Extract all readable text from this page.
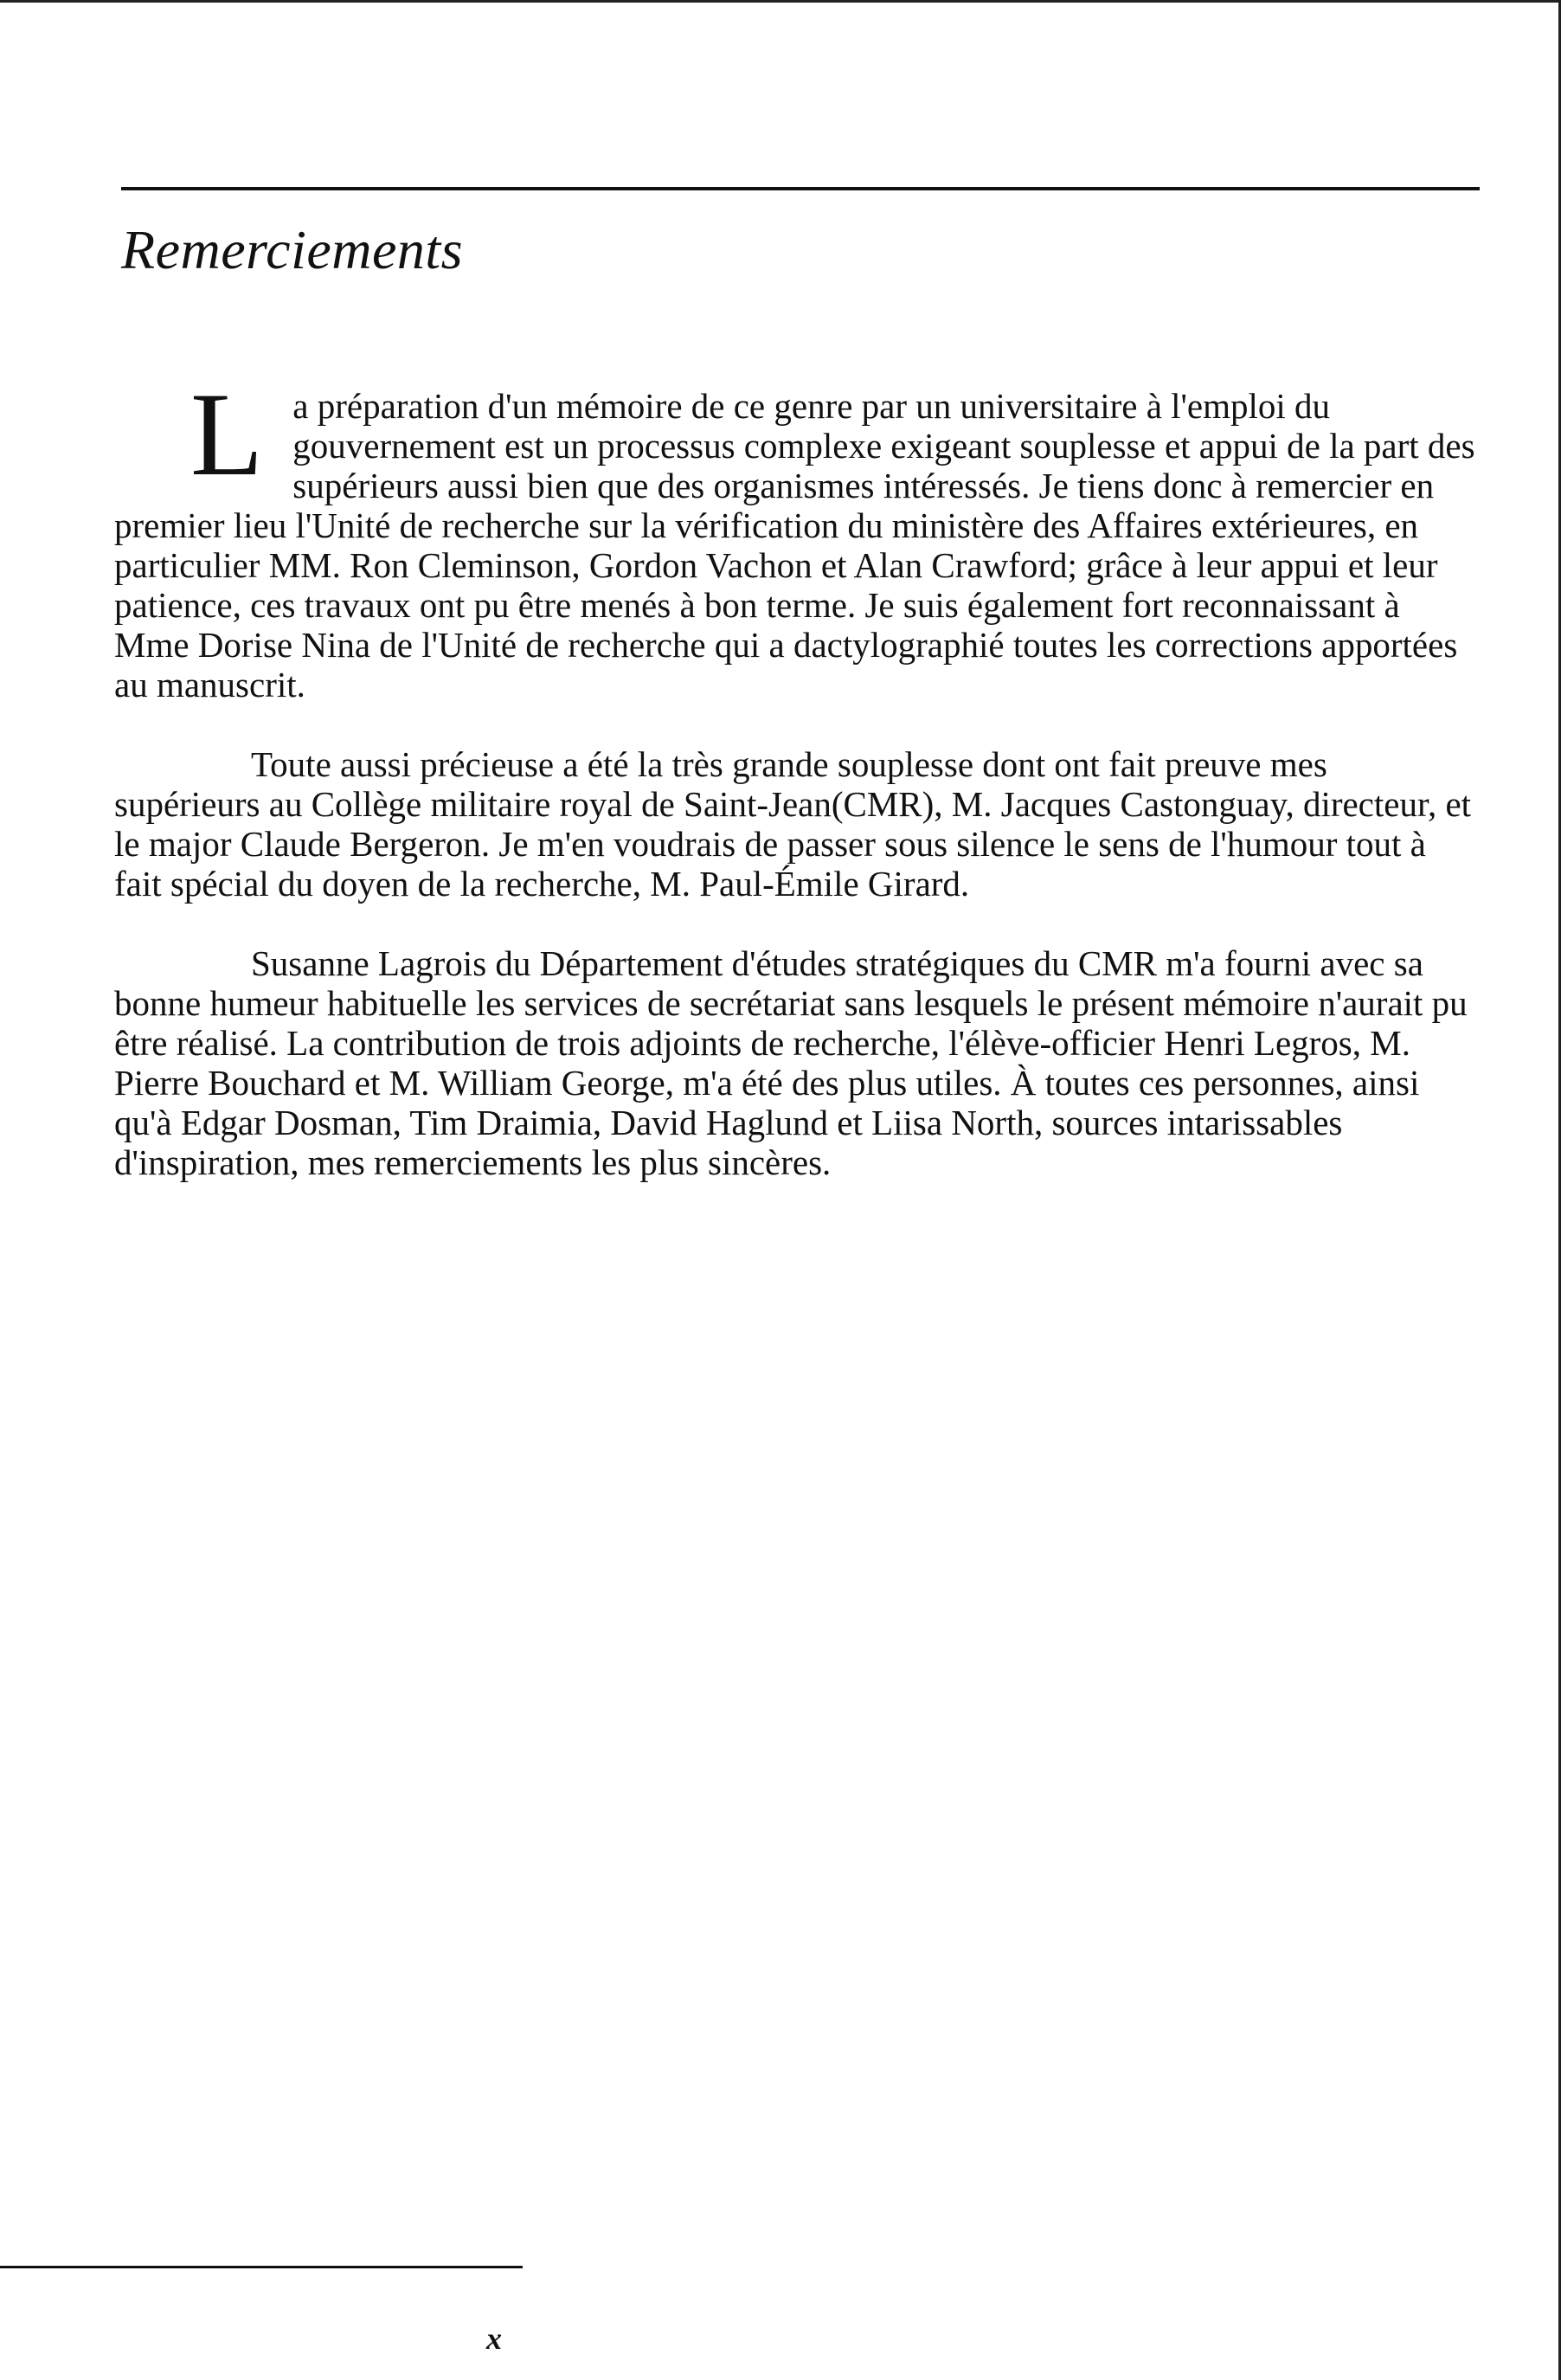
Remerciements

L a préparation d'un mémoire de ce genre par un universitaire à l'emploi du gouvernement est un processus complexe exigeant souplesse et appui de la part des supérieurs aussi bien que des organismes intéressés. Je tiens donc à remercier en premier lieu l'Unité de recherche sur la vérification du ministère des Affaires extérieures, en particulier MM. Ron Cleminson, Gordon Vachon et Alan Crawford; grâce à leur appui et leur patience, ces travaux ont pu être menés à bon terme. Je suis également fort reconnaissant à Mme Dorise Nina de l'Unité de recherche qui a dactylographié toutes les corrections apportées au manuscrit.

Toute aussi précieuse a été la très grande souplesse dont ont fait preuve mes supérieurs au Collège militaire royal de Saint-Jean(CMR), M. Jacques Castonguay, directeur, et le major Claude Bergeron. Je m'en voudrais de passer sous silence le sens de l'humour tout à fait spécial du doyen de la recherche, M. Paul-Émile Girard.

Susanne Lagrois du Département d'études stratégiques du CMR m'a fourni avec sa bonne humeur habituelle les services de secrétariat sans lesquels le présent mémoire n'aurait pu être réalisé. La contribution de trois adjoints de recherche, l'élève-officier Henri Legros, M. Pierre Bouchard et M. William George, m'a été des plus utiles. À toutes ces personnes, ainsi qu'à Edgar Dosman, Tim Draimia, David Haglund et Liisa North, sources intarissables d'inspiration, mes remerciements les plus sincères.

x
